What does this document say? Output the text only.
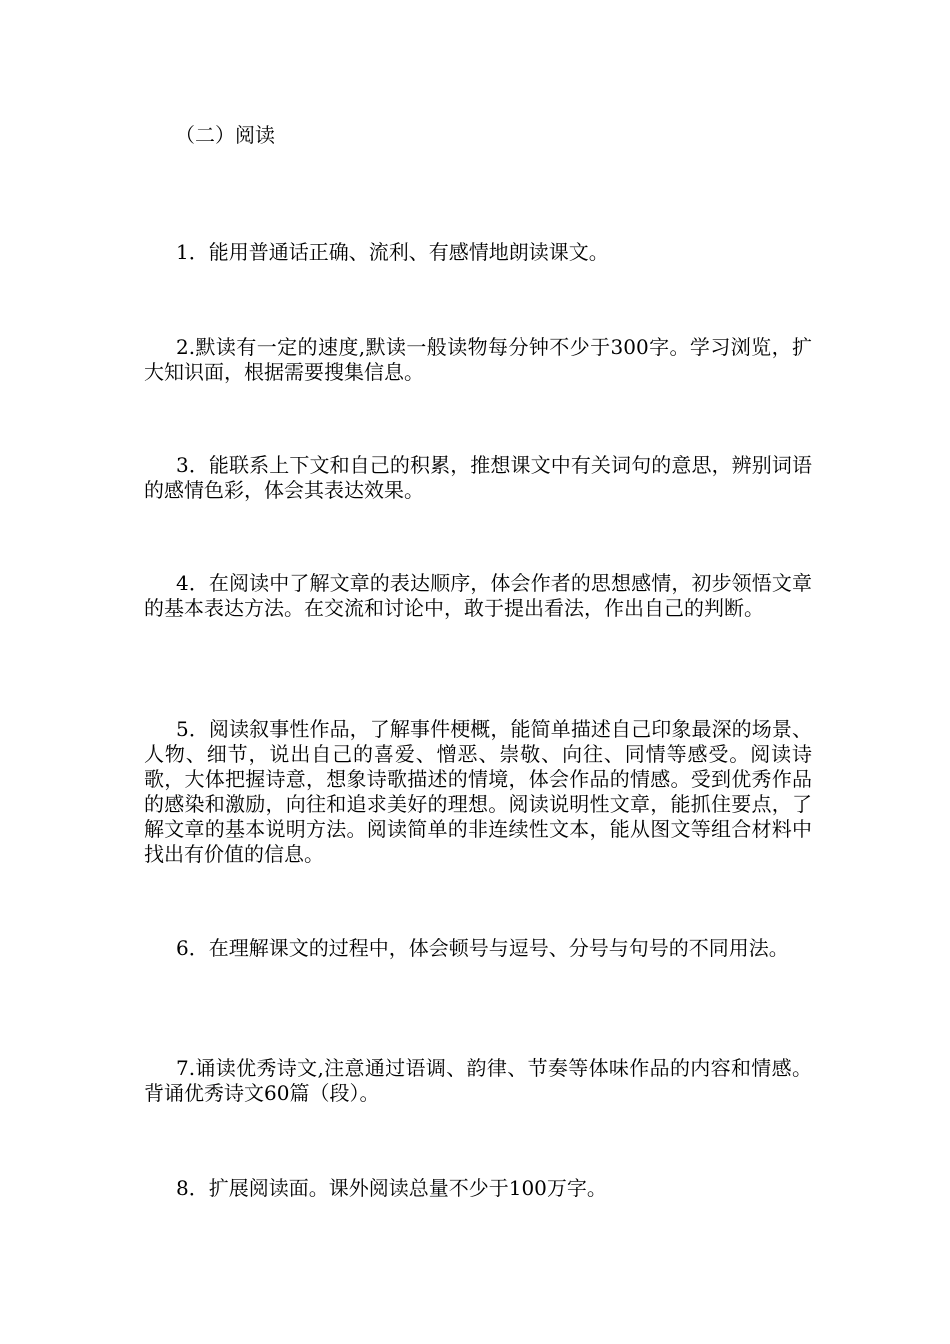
（二）阅读

1．能用普通话正确、流利、有感情地朗读课文。

2.默读有一定的速度,默读一般读物每分钟不少于300字。学习浏览，扩大知识面，根据需要搜集信息。

3．能联系上下文和自己的积累，推想课文中有关词句的意思，辨别词语的感情色彩，体会其表达效果。

4．在阅读中了解文章的表达顺序，体会作者的思想感情，初步领悟文章的基本表达方法。在交流和讨论中，敢于提出看法，作出自己的判断。

5．阅读叙事性作品，了解事件梗概，能简单描述自己印象最深的场景、人物、细节，说出自己的喜爱、憎恶、崇敬、向往、同情等感受。阅读诗歌，大体把握诗意，想象诗歌描述的情境，体会作品的情感。受到优秀作品的感染和激励，向往和追求美好的理想。阅读说明性文章，能抓住要点，了解文章的基本说明方法。阅读简单的非连续性文本，能从图文等组合材料中找出有价值的信息。

6．在理解课文的过程中，体会顿号与逗号、分号与句号的不同用法。

7.诵读优秀诗文,注意通过语调、韵律、节奏等体味作品的内容和情感。背诵优秀诗文60篇（段）。

8．扩展阅读面。课外阅读总量不少于100万字。
